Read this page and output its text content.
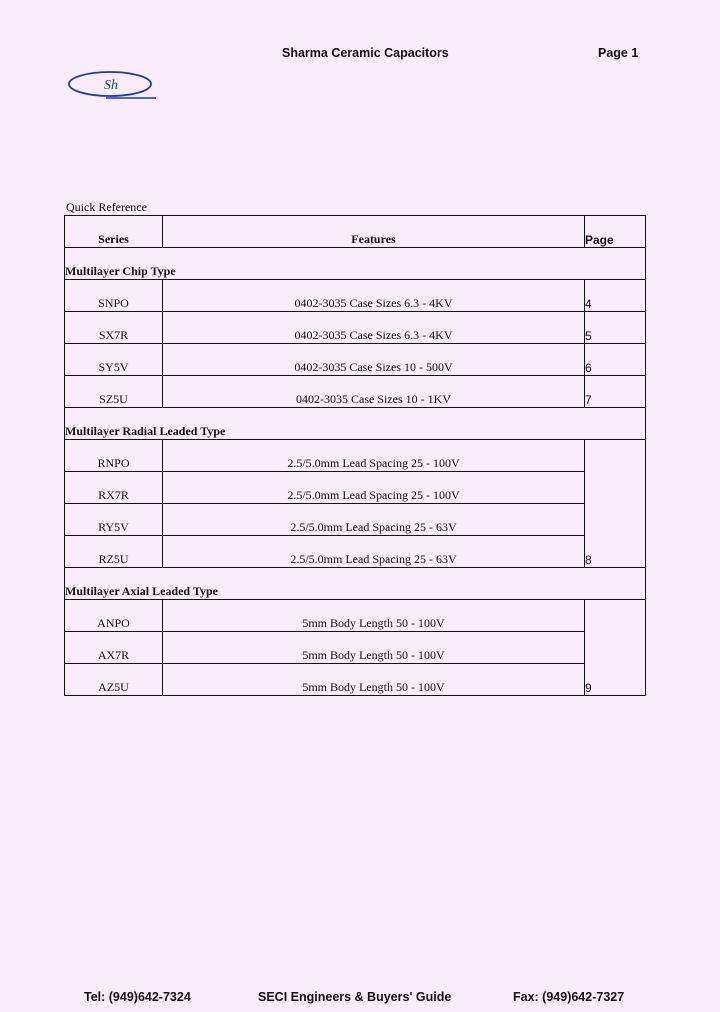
Sharma Ceramic Capacitors	Page 1
Sh
Quick Reference
Series	Features	Page
Multilayer Chip Type		
SNPO	0402-3035 Case Sizes 6.3 - 4KV	4
SX7R	0402-3035 Case Sizes 6.3 - 4KV	5
SY5V	0402-3035 Case Sizes 10 - 500V	6
SZ5U	0402-3035 Case Sizes 10 - 1KV	7
Multilayer Radial Leaded Type		
RNPO	2.5/5.0mm Lead Spacing 25 - 100V	8
RX7R	2.5/5.0mm Lead Spacing 25 - 100V	
RY5V	2.5/5.0mm Lead Spacing 25 - 63V	
RZ5U	2.5/5.0mm Lead Spacing 25 - 63V	
Multilayer Axial Leaded Type		
ANPO	5mm Body Length 50 - 100V	9
AX7R	5mm Body Length 50 - 100V	
AZ5U	5mm Body Length 50 - 100V	
Tel: (949)642-7324	SECI Engineers & Buyers' Guide	Fax: (949)642-7327
